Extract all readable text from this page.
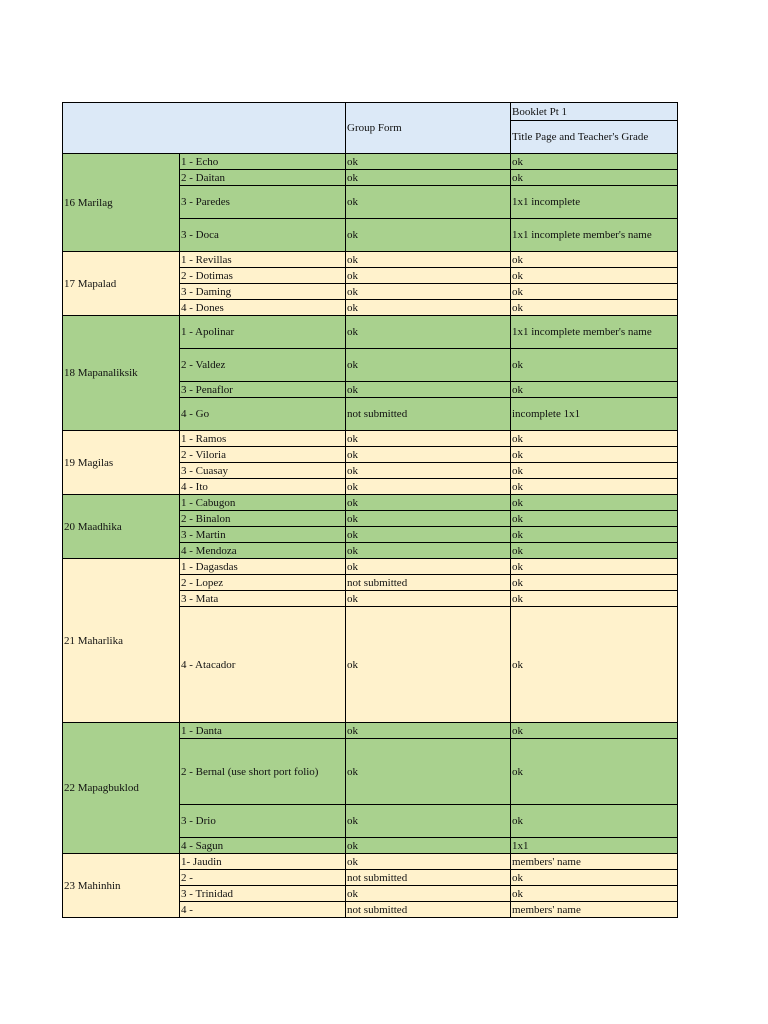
		Group Form	Booklet Pt 1
			Title Page and Teacher's Grade
16 Marilag	1 - Echo	ok	ok
	2 - Daitan	ok	ok
	3 - Paredes	ok	1x1 incomplete
	3 - Doca	ok	1x1 incomplete member's name
17 Mapalad	1 - Revillas	ok	ok
	2 - Dotimas	ok	ok
	3 - Daming	ok	ok
	4 - Dones	ok	ok
18 Mapanaliksik	1 - Apolinar	ok	1x1 incomplete member's name
	2 - Valdez	ok	ok
	3 - Penaflor	ok	ok
	4 - Go	not submitted	incomplete 1x1
19 Magilas	1 - Ramos	ok	ok
	2 - Viloria	ok	ok
	3 - Cuasay	ok	ok
	4 - Ito	ok	ok
20 Maadhika	1 - Cabugon	ok	ok
	2 - Binalon	ok	ok
	3 - Martin	ok	ok
	4 - Mendoza	ok	ok
21 Maharlika	1 - Dagasdas	ok	ok
	2 - Lopez	not submitted	ok
	3 - Mata	ok	ok
	4 - Atacador	ok	ok
22 Mapagbuklod	1 - Danta	ok	ok
	2 - Bernal (use short port folio)	ok	ok
	3 - Drio	ok	ok
	4 - Sagun	ok	1x1
23 Mahinhin	1- Jaudin	ok	members' name
	2 -	not submitted	ok
	3 - Trinidad	ok	ok
	4 -	not submitted	members' name
